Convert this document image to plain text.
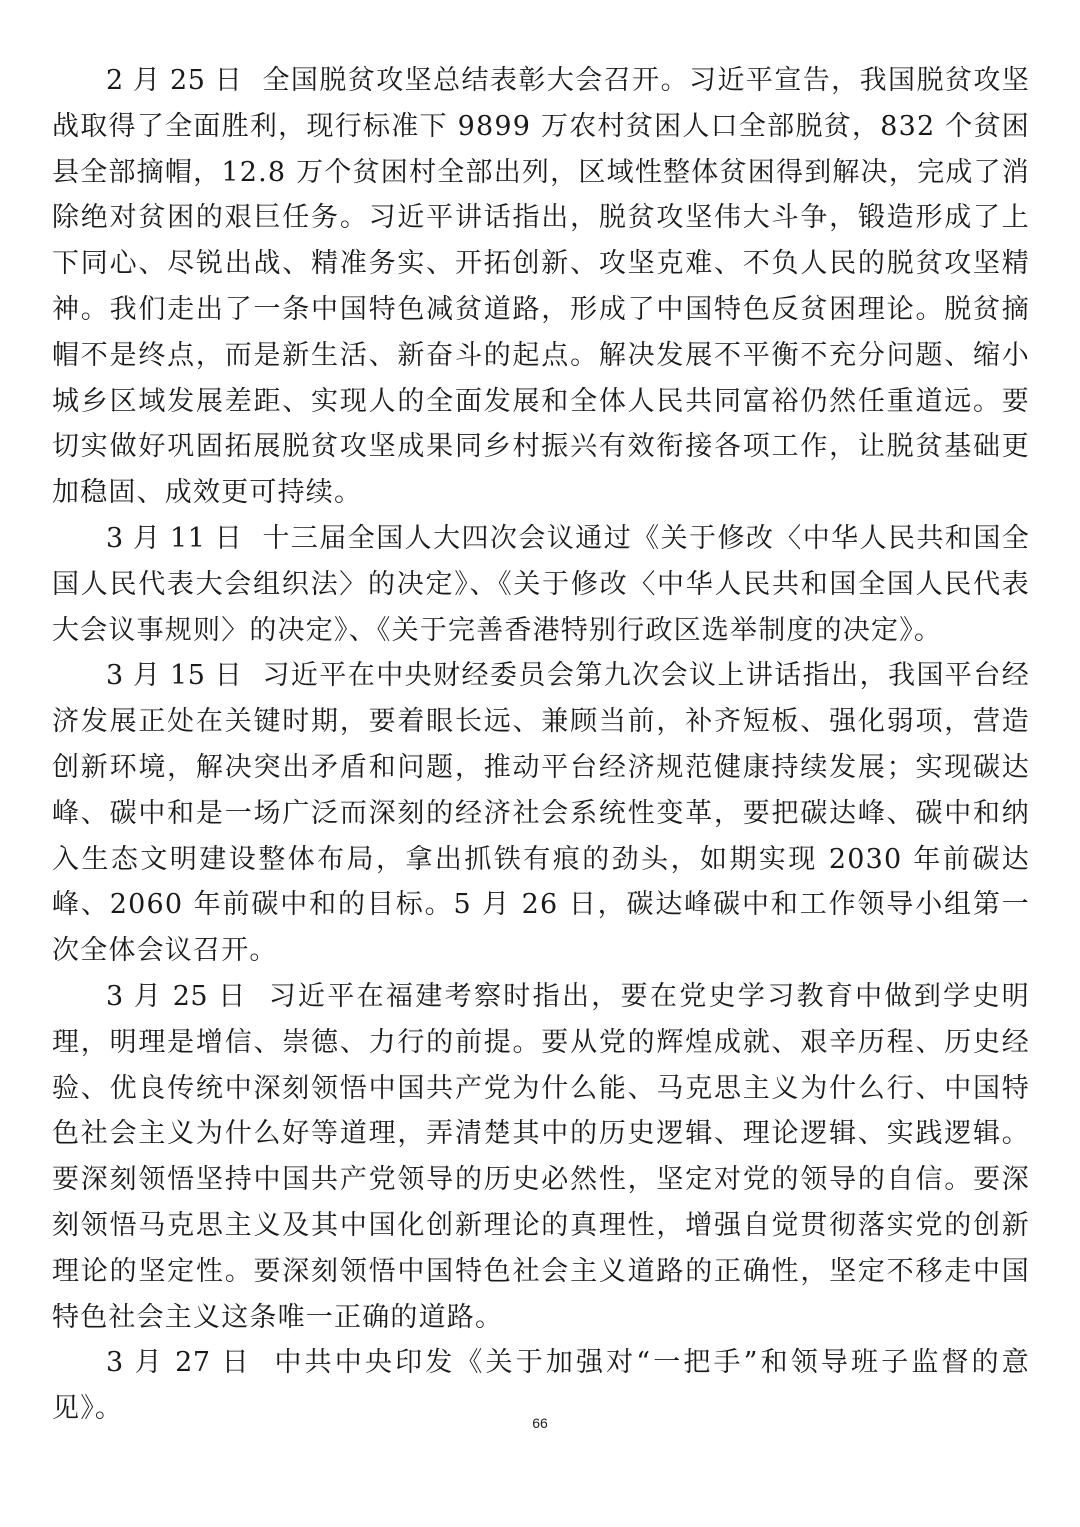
2 月 25 日 全国脱贫攻坚总结表彰大会召开。习近平宣告，我国脱贫攻坚战取得了全面胜利，现行标准下 9899 万农村贫困人口全部脱贫，832 个贫困县全部摘帽，12.8 万个贫困村全部出列，区域性整体贫困得到解决，完成了消除绝对贫困的艰巨任务。习近平讲话指出，脱贫攻坚伟大斗争，锻造形成了上下同心、尽锐出战、精准务实、开拓创新、攻坚克难、不负人民的脱贫攻坚精神。我们走出了一条中国特色减贫道路，形成了中国特色反贫困理论。脱贫摘帽不是终点，而是新生活、新奋斗的起点。解决发展不平衡不充分问题、缩小城乡区域发展差距、实现人的全面发展和全体人民共同富裕仍然任重道远。要切实做好巩固拓展脱贫攻坚成果同乡村振兴有效衔接各项工作，让脱贫基础更加稳固、成效更可持续。

3 月 11 日 十三届全国人大四次会议通过《关于修改〈中华人民共和国全国人民代表大会组织法〉的决定》、《关于修改〈中华人民共和国全国人民代表大会议事规则〉的决定》、《关于完善香港特别行政区选举制度的决定》。

3 月 15 日 习近平在中央财经委员会第九次会议上讲话指出，我国平台经济发展正处在关键时期，要着眼长远、兼顾当前，补齐短板、强化弱项，营造创新环境，解决突出矛盾和问题，推动平台经济规范健康持续发展；实现碳达峰、碳中和是一场广泛而深刻的经济社会系统性变革，要把碳达峰、碳中和纳入生态文明建设整体布局，拿出抓铁有痕的劲头，如期实现 2030 年前碳达峰、2060 年前碳中和的目标。5 月 26 日，碳达峰碳中和工作领导小组第一次全体会议召开。

3 月 25 日 习近平在福建考察时指出，要在党史学习教育中做到学史明理，明理是增信、崇德、力行的前提。要从党的辉煌成就、艰辛历程、历史经验、优良传统中深刻领悟中国共产党为什么能、马克思主义为什么行、中国特色社会主义为什么好等道理，弄清楚其中的历史逻辑、理论逻辑、实践逻辑。要深刻领悟坚持中国共产党领导的历史必然性，坚定对党的领导的自信。要深刻领悟马克思主义及其中国化创新理论的真理性，增强自觉贯彻落实党的创新理论的坚定性。要深刻领悟中国特色社会主义道路的正确性，坚定不移走中国特色社会主义这条唯一正确的道路。

3 月 27 日 中共中央印发《关于加强对“一把手”和领导班子监督的意见》。	66
